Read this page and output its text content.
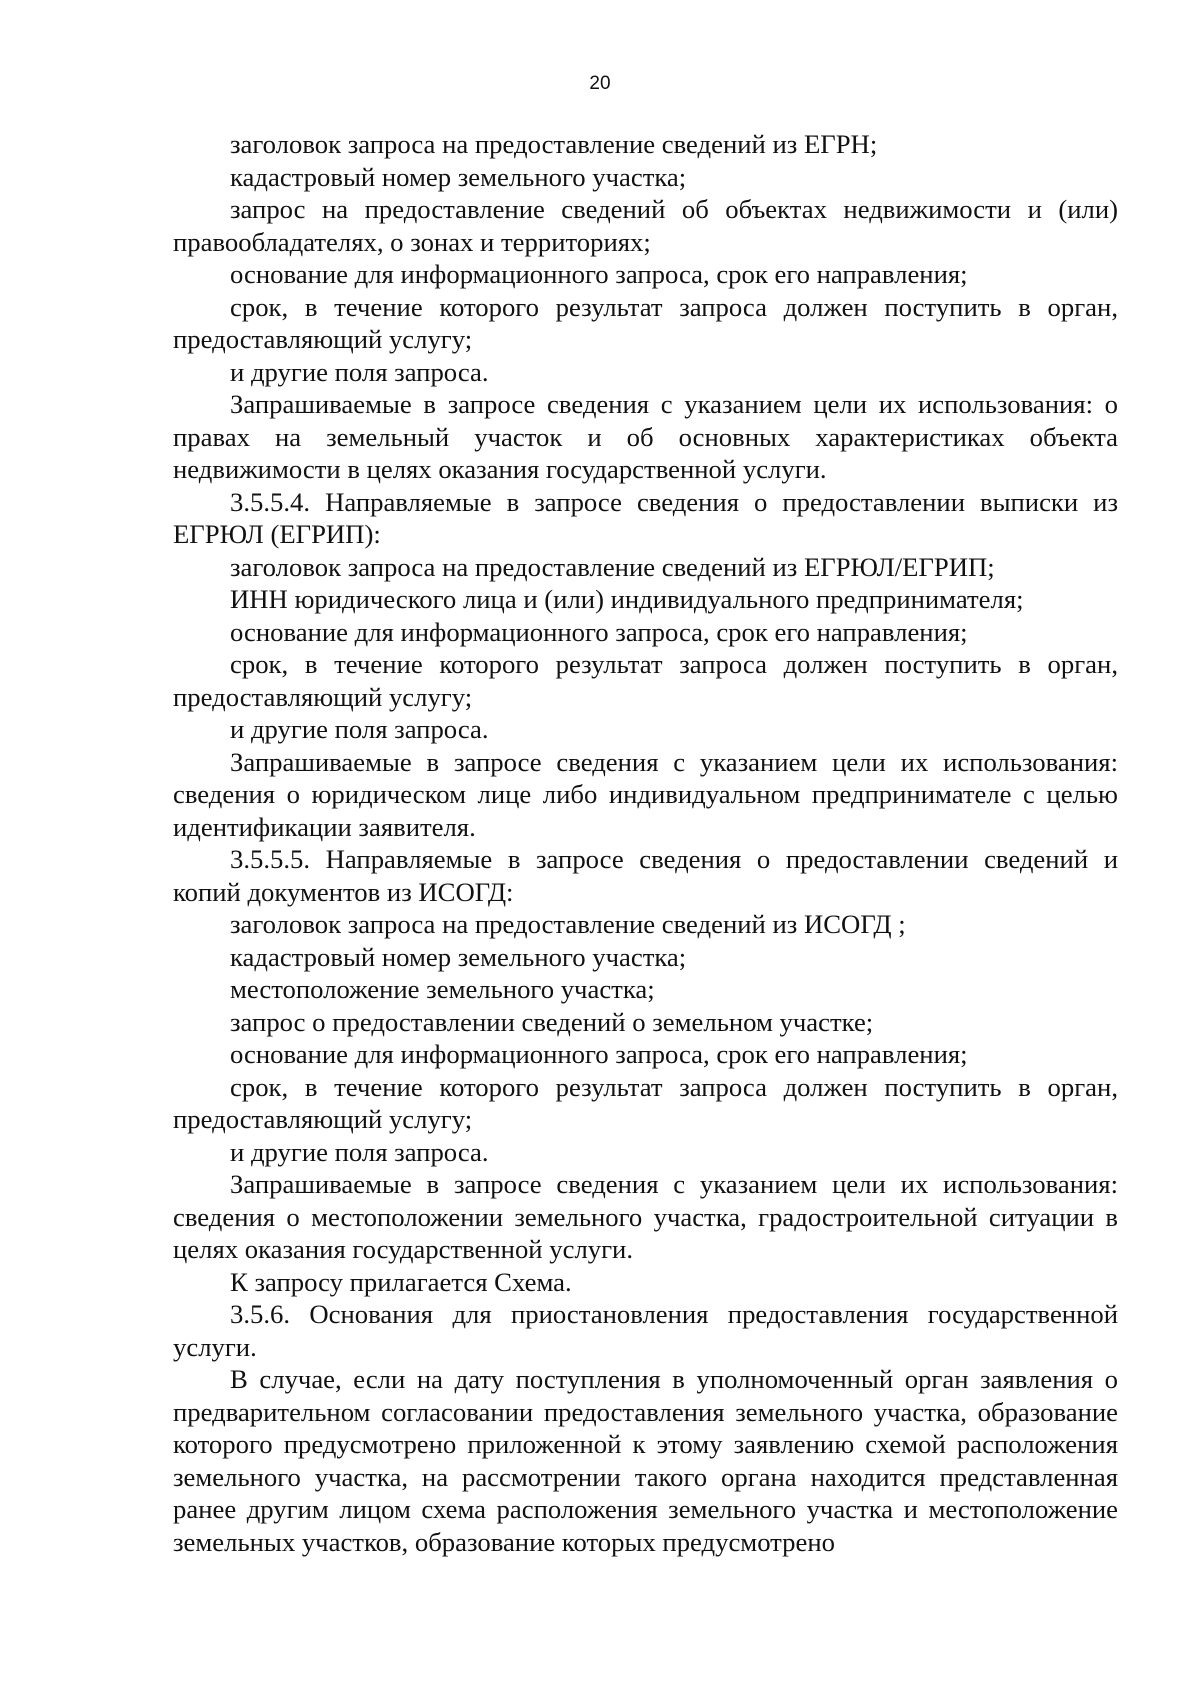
20

заголовок запроса на предоставление сведений из ЕГРН;

кадастровый номер земельного участка;

запрос на предоставление сведений об объектах недвижимости и (или) правообладателях, о зонах и территориях;

основание для информационного запроса, срок его направления;

срок, в течение которого результат запроса должен поступить в орган, предоставляющий услугу;

и другие поля запроса.

Запрашиваемые в запросе сведения с указанием цели их использования: о правах на земельный участок и об основных характеристиках объекта недвижимости в целях оказания государственной услуги.

3.5.5.4. Направляемые в запросе сведения о предоставлении выписки из ЕГРЮЛ (ЕГРИП):

заголовок запроса на предоставление сведений из ЕГРЮЛ/ЕГРИП;

ИНН юридического лица и (или) индивидуального предпринимателя;

основание для информационного запроса, срок его направления;

срок, в течение которого результат запроса должен поступить в орган, предоставляющий услугу;

и другие поля запроса.

Запрашиваемые в запросе сведения с указанием цели их использования: сведения о юридическом лице либо индивидуальном предпринимателе с целью идентификации заявителя.

3.5.5.5. Направляемые в запросе сведения о предоставлении сведений и копий документов из ИСОГД:

заголовок запроса на предоставление сведений из ИСОГД ;

кадастровый номер земельного участка;

местоположение земельного участка;

запрос о предоставлении сведений о земельном участке;

основание для информационного запроса, срок его направления;

срок, в течение которого результат запроса должен поступить в орган, предоставляющий услугу;

и другие поля запроса.

Запрашиваемые в запросе сведения с указанием цели их использования: сведения о местоположении земельного участка, градостроительной ситуации в целях оказания государственной услуги.

К запросу прилагается Схема.

3.5.6. Основания для приостановления предоставления государственной услуги.

В случае, если на дату поступления в уполномоченный орган заявления о предварительном согласовании предоставления земельного участка, образование которого предусмотрено приложенной к этому заявлению схемой расположения земельного участка, на рассмотрении такого органа находится представленная ранее другим лицом схема расположения земельного участка и местоположение земельных участков, образование которых предусмотрено
